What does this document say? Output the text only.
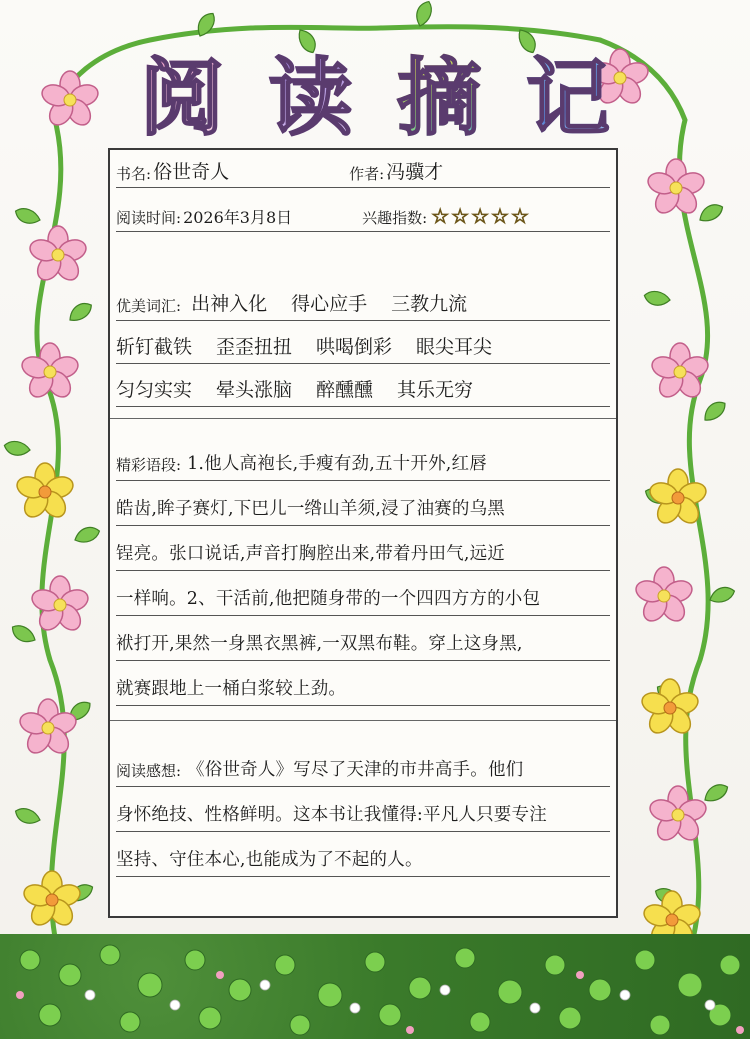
阅 读 摘 记
书名: 俗世奇人	作者: 冯骥才
阅读时间: 2026年3月8日	兴趣指数: ☆☆☆☆☆
优美词汇: 出神入化 得心应手 三教九流
斩钉截铁 歪歪扭扭 哄喝倒彩 眼尖耳尖
匀匀实实 晕头涨脑 醉醺醺 其乐无穷
精彩语段: 1.他人高袍长,手瘦有劲,五十开外,红唇
皓齿,眸子赛灯,下巴儿一绺山羊须,浸了油赛的乌黑
锃亮。张口说话,声音打胸腔出来,带着丹田气,远近
一样响。2、干活前,他把随身带的一个四四方方的小包
袱打开,果然一身黑衣黑裤,一双黑布鞋。穿上这身黑,
就赛跟地上一桶白浆较上劲。
阅读感想: 《俗世奇人》写尽了天津的市井高手。他们
身怀绝技、性格鲜明。这本书让我懂得:平凡人只要专注
坚持、守住本心,也能成为了不起的人。
